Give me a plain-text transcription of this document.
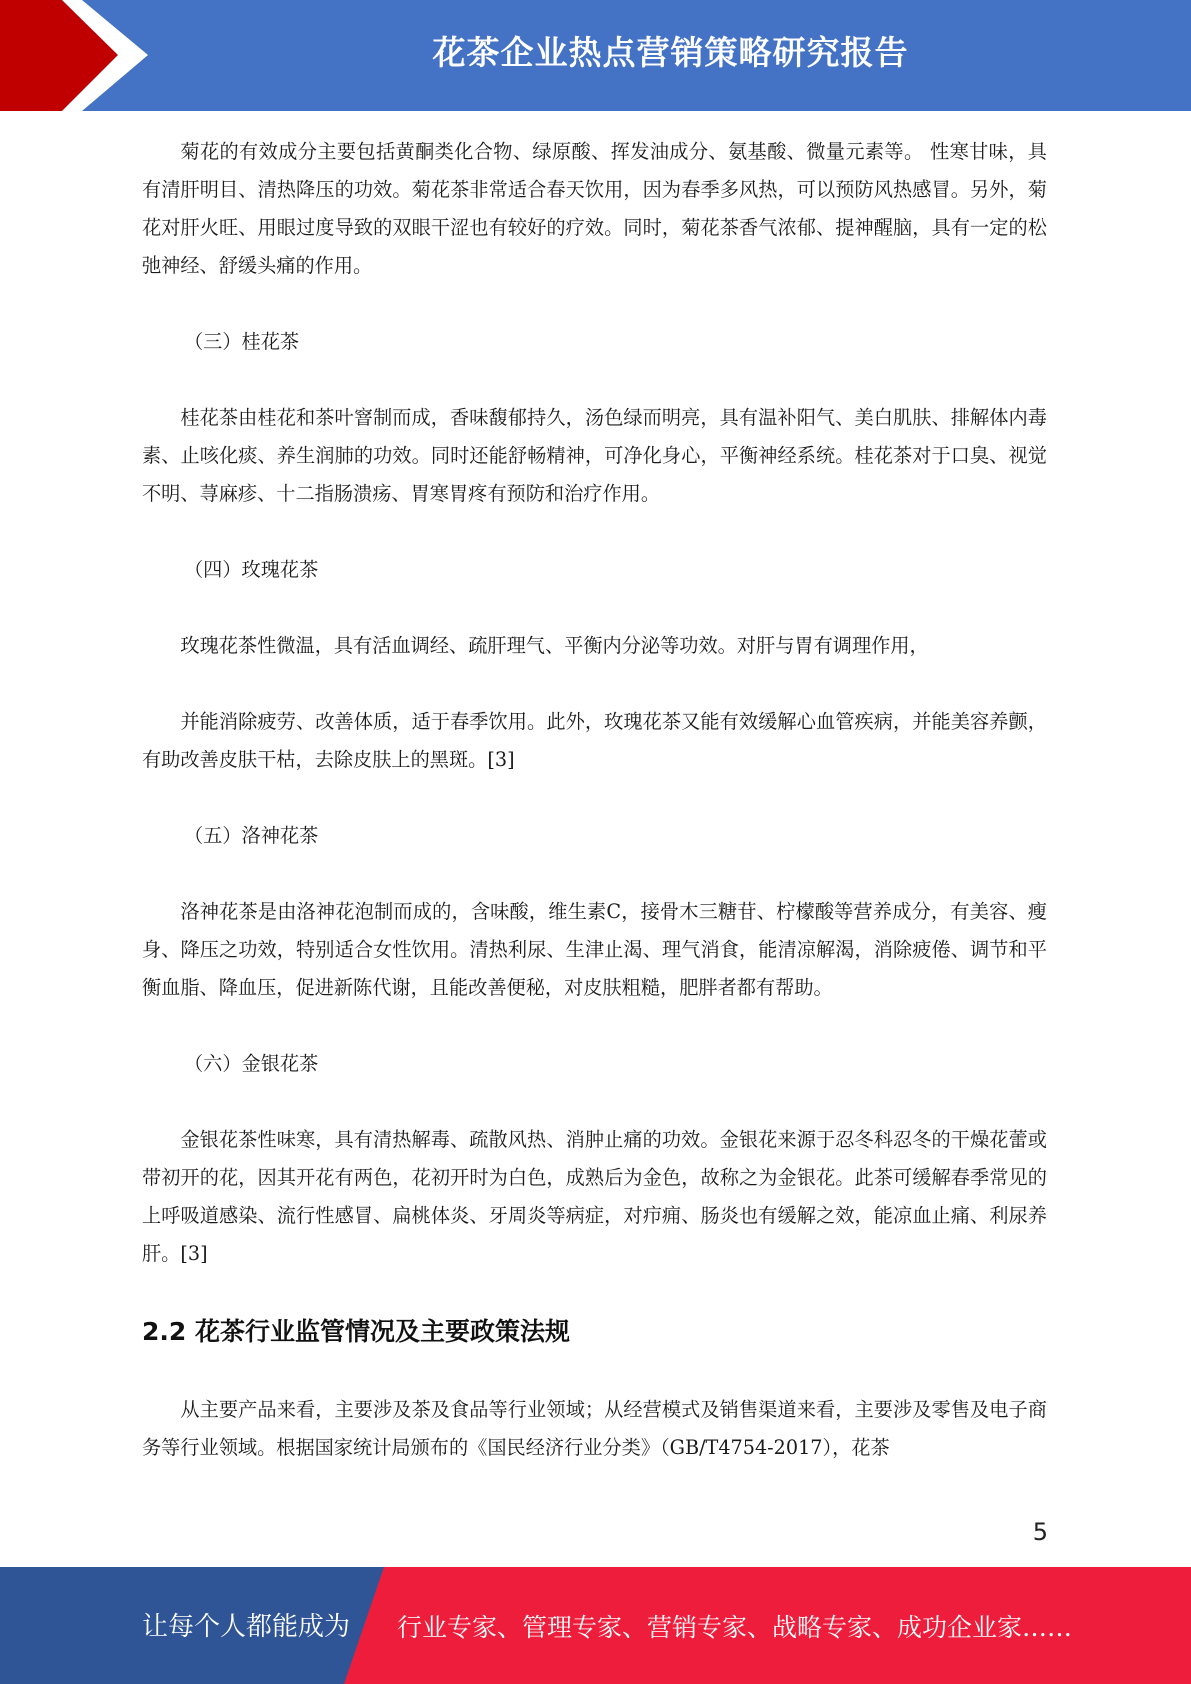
花茶企业热点营销策略研究报告

菊花的有效成分主要包括黄酮类化合物、绿原酸、挥发油成分、氨基酸、微量元素等。 性寒甘味，具有清肝明目、清热降压的功效。菊花茶非常适合春天饮用，因为春季多风热，可以预防风热感冒。另外，菊花对肝火旺、用眼过度导致的双眼干涩也有较好的疗效。同时，菊花茶香气浓郁、提神醒脑，具有一定的松弛神经、舒缓头痛的作用。

（三）桂花茶

桂花茶由桂花和茶叶窨制而成，香味馥郁持久，汤色绿而明亮，具有温补阳气、美白肌肤、排解体内毒素、止咳化痰、养生润肺的功效。同时还能舒畅精神，可净化身心，平衡神经系统。桂花茶对于口臭、视觉不明、荨麻疹、十二指肠溃疡、胃寒胃疼有预防和治疗作用。

（四）玫瑰花茶

玫瑰花茶性微温，具有活血调经、疏肝理气、平衡内分泌等功效。对肝与胃有调理作用，

并能消除疲劳、改善体质，适于春季饮用。此外，玫瑰花茶又能有效缓解心血管疾病，并能美容养颤，有助改善皮肤干枯，去除皮肤上的黑斑。[3]

（五）洛神花茶

洛神花茶是由洛神花泡制而成的，含味酸，维生素C，接骨木三糖苷、柠檬酸等营养成分，有美容、瘦身、降压之功效，特别适合女性饮用。清热利尿、生津止渴、理气消食，能清凉解渴，消除疲倦、调节和平衡血脂、降血压，促进新陈代谢，且能改善便秘，对皮肤粗糙，肥胖者都有帮助。

（六）金银花茶

金银花茶性味寒，具有清热解毒、疏散风热、消肿止痛的功效。金银花来源于忍冬科忍冬的干燥花蕾或带初开的花，因其开花有两色，花初开时为白色，成熟后为金色，故称之为金银花。此茶可缓解春季常见的上呼吸道感染、流行性感冒、扁桃体炎、牙周炎等病症，对疖痈、肠炎也有缓解之效，能凉血止痛、利尿养肝。[3]

2.2 花茶行业监管情况及主要政策法规

从主要产品来看，主要涉及茶及食品等行业领域；从经营模式及销售渠道来看，主要涉及零售及电子商务等行业领域。根据国家统计局颁布的《国民经济行业分类》（GB/T4754-2017），花茶

5
让每个人都能成为 行业专家、管理专家、营销专家、战略专家、成功企业家……
